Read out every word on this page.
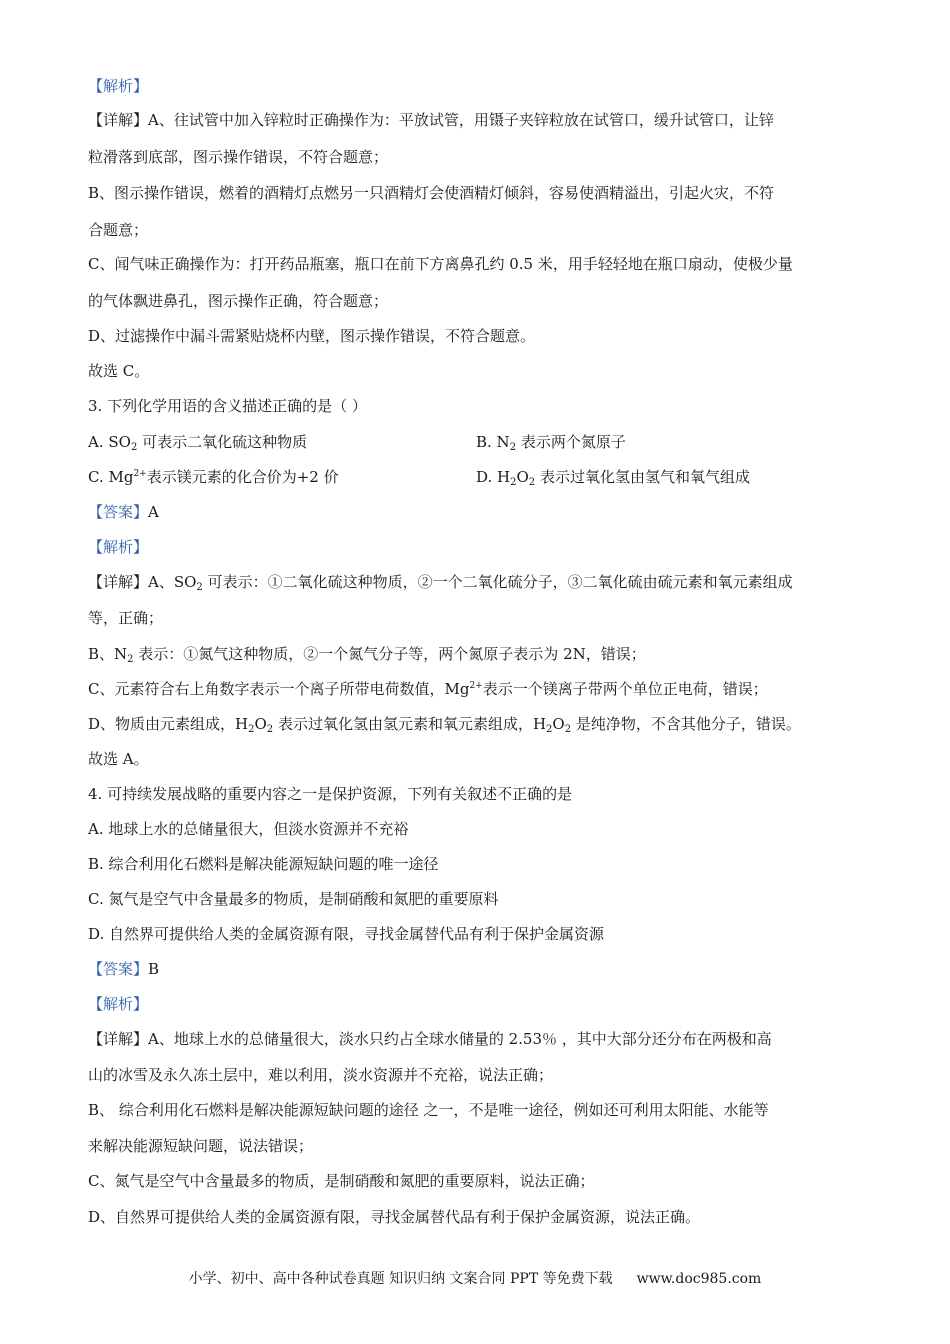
【解析】
【详解】A、往试管中加入锌粒时正确操作为：平放试管，用镊子夹锌粒放在试管口，缓升试管口，让锌
粒滑落到底部，图示操作错误，不符合题意；
B、图示操作错误，燃着的酒精灯点燃另一只酒精灯会使酒精灯倾斜，容易使酒精溢出，引起火灾，不符
合题意；
C、闻气味正确操作为：打开药品瓶塞，瓶口在前下方离鼻孔约 0.5 米，用手轻轻地在瓶口扇动，使极少量
的气体飘进鼻孔，图示操作正确，符合题意；
D、过滤操作中漏斗需紧贴烧杯内壁，图示操作错误，不符合题意。
故选 C。
3. 下列化学用语的含义描述正确的是（ ）
A. $SO_2$ 可表示二氧化硫这种物质	B. $N_2$ 表示两个氮原子
C. $Mg^{2+}$表示镁元素的化合价为+2 价	D. $H_2O_2$ 表示过氧化氢由氢气和氧气组成
【答案】A
【解析】
【详解】A、$SO_2$ 可表示：①二氧化硫这种物质，②一个二氧化硫分子，③二氧化硫由硫元素和氧元素组成
等，正确；
B、$N_2$ 表示：①氮气这种物质，②一个氮气分子等，两个氮原子表示为 2N，错误；
C、元素符合右上角数字表示一个离子所带电荷数值，$Mg^{2+}$表示一个镁离子带两个单位正电荷，错误；
D、物质由元素组成，$H_2O_2$ 表示过氧化氢由氢元素和氧元素组成，$H_2O_2$ 是纯净物，不含其他分子，错误。
故选 A。
4. 可持续发展战略的重要内容之一是保护资源，下列有关叙述不正确的是
A. 地球上水的总储量很大，但淡水资源并不充裕
B. 综合利用化石燃料是解决能源短缺问题的唯一途径
C. 氮气是空气中含量最多的物质，是制硝酸和氮肥的重要原料
D. 自然界可提供给人类的金属资源有限，寻找金属替代品有利于保护金属资源
【答案】B
【解析】
【详解】A、地球上水的总储量很大，淡水只约占全球水储量的 2.53％ ，其中大部分还分布在两极和高
山的冰雪及永久冻土层中，难以利用，淡水资源并不充裕，说法正确；
B、 综合利用化石燃料是解决能源短缺问题的途径 之一，不是唯一途径，例如还可利用太阳能、水能等
来解决能源短缺问题，说法错误；
C、氮气是空气中含量最多的物质，是制硝酸和氮肥的重要原料，说法正确；
D、自然界可提供给人类的金属资源有限，寻找金属替代品有利于保护金属资源，说法正确。
小学、初中、高中各种试卷真题 知识归纳 文案合同 PPT 等免费下载 www.doc985.com
